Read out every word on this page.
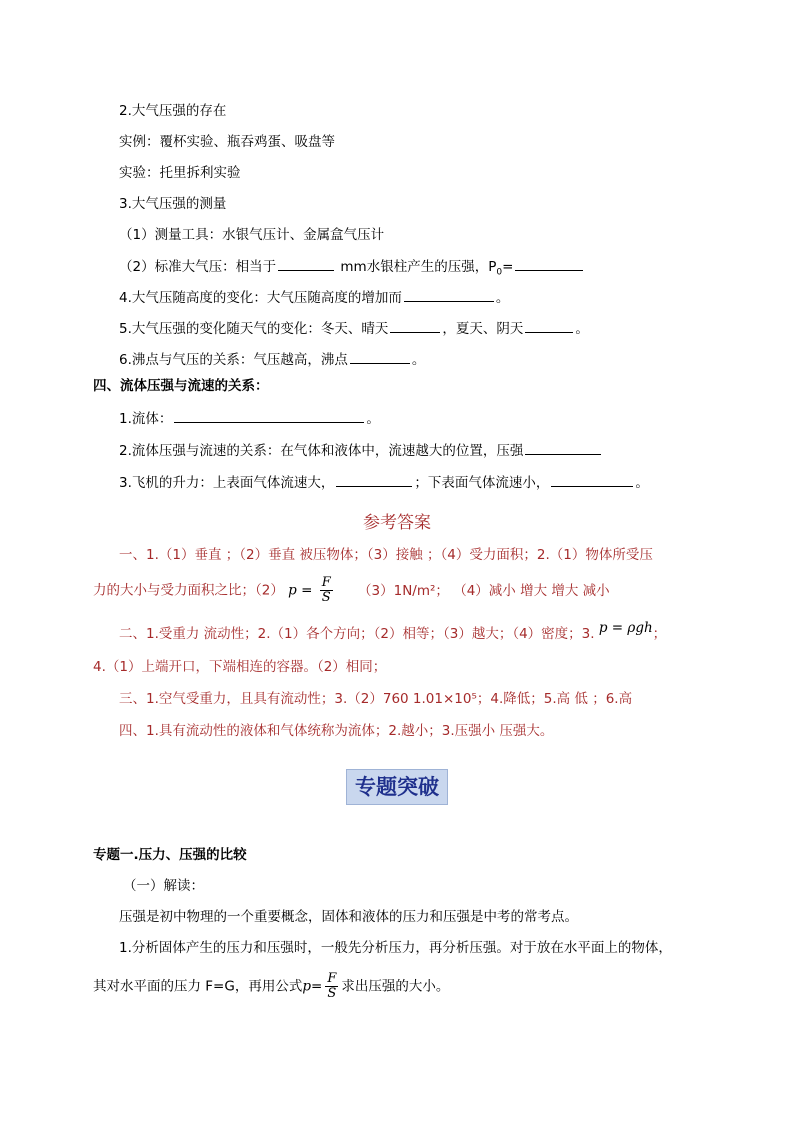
2.大气压强的存在
实例：覆杯实验、瓶吞鸡蛋、吸盘等
实验：托里拆利实验
3.大气压强的测量
（1）测量工具：水银气压计、金属盒气压计
（2）标准大气压：相当于	mm水银柱产生的压强，$P_0=$
4.大气压随高度的变化：大气压随高度的增加而	。
5.大气压强的变化随天气的变化：冬天、晴天	，夏天、阴天	。
6.沸点与气压的关系：气压越高，沸点	。
四、流体压强与流速的关系：
1.流体：	。
2.流体压强与流速的关系：在气体和液体中，流速越大的位置，压强
3.飞机的升力：上表面气体流速大，	；下表面气体流速小，	。
参考答案
一、1.（1）垂直 ；（2）垂直 被压物体；（3）接触 ；（4）受力面积；2.（1）物体所受压
力的大小与受力面积之比；（2） $p = \frac{F}{S} (3)1N/m^2$； （4）减小 增大 增大 减小
二、1.受重力 流动性；2.（1）各个方向；（2）相等；（3）越大；（4）密度；3. p = ρgh；
4.（1）上端开口，下端相连的容器。（2）相同；
三、1.空气受重力，且具有流动性；3.（2）760 1.01×10⁵；4.降低；5.高 低 ；6.高
四、1.具有流动性的液体和气体统称为流体；2.越小；3.压强小 压强大。
专题突破
专题一.压力、压强的比较
（一）解读：
压强是初中物理的一个重要概念，固体和液体的压力和压强是中考的常考点。
1.分析固体产生的压力和压强时，一般先分析压力，再分析压强。对于放在水平面上的物体，
其对水平面的压力 F=G，再用公式$p= \frac{F}{S}$ 求出压强的大小。
